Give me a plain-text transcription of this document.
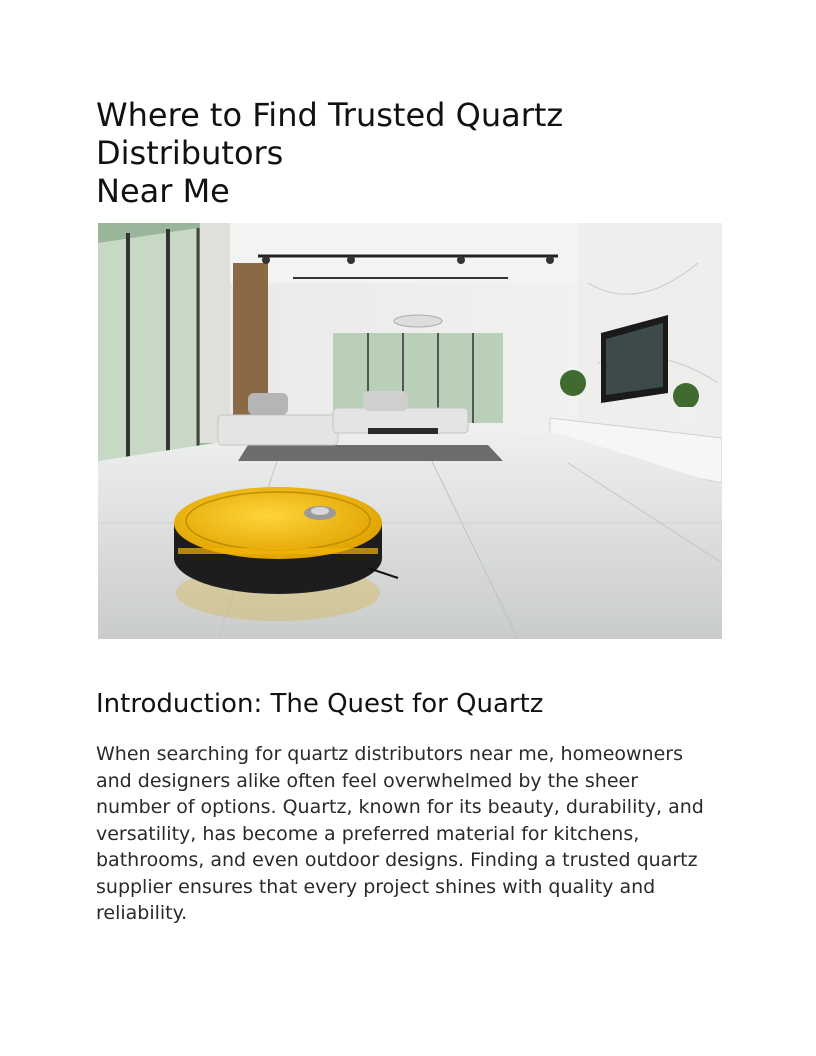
Where to Find Trusted Quartz Distributors
Near Me
Introduction: The Quest for Quartz

When searching for quartz distributors near me, homeowners and designers alike often feel overwhelmed by the sheer number of options. Quartz, known for its beauty, durability, and versatility, has become a preferred material for kitchens, bathrooms, and even outdoor designs. Finding a trusted quartz supplier ensures that every project shines with quality and reliability.
